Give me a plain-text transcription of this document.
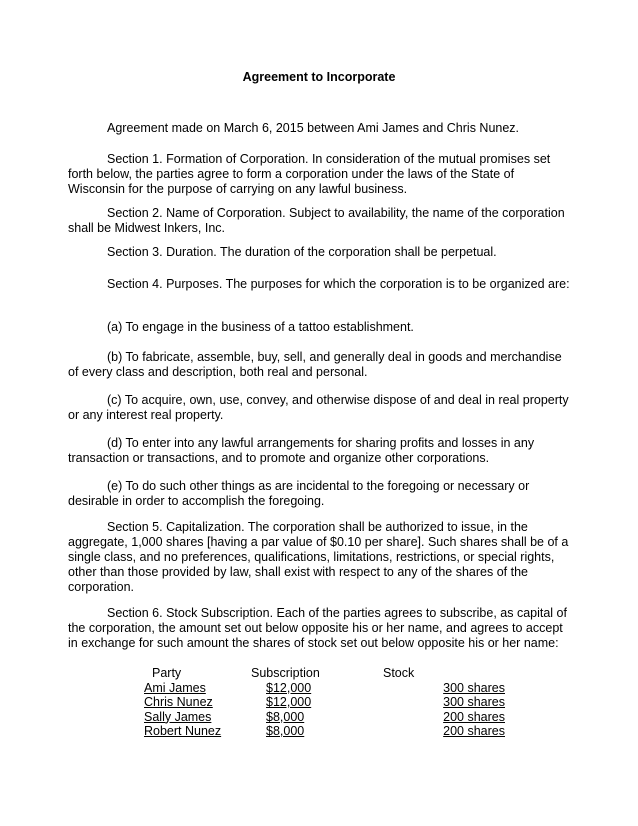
Agreement to Incorporate

Agreement made on March 6, 2015 between Ami James and Chris Nunez.

Section 1. Formation of Corporation. In consideration of the mutual promises set forth below, the parties agree to form a corporation under the laws of the State of Wisconsin for the purpose of carrying on any lawful business.

Section 2. Name of Corporation. Subject to availability, the name of the corporation shall be Midwest Inkers, Inc.

Section 3. Duration. The duration of the corporation shall be perpetual.

Section 4. Purposes. The purposes for which the corporation is to be organized are:

(a) To engage in the business of a tattoo establishment.

(b) To fabricate, assemble, buy, sell, and generally deal in goods and merchandise of every class and description, both real and personal.

(c) To acquire, own, use, convey, and otherwise dispose of and deal in real property or any interest real property.

(d) To enter into any lawful arrangements for sharing profits and losses in any transaction or transactions, and to promote and organize other corporations.

(e) To do such other things as are incidental to the foregoing or necessary or desirable in order to accomplish the foregoing.

Section 5. Capitalization. The corporation shall be authorized to issue, in the aggregate, 1,000 shares [having a par value of $0.10 per share]. Such shares shall be of a single class, and no preferences, qualifications, limitations, restrictions, or special rights, other than those provided by law, shall exist with respect to any of the shares of the corporation.

Section 6. Stock Subscription. Each of the parties agrees to subscribe, as capital of the corporation, the amount set out below opposite his or her name, and agrees to accept in exchange for such amount the shares of stock set out below opposite his or her name:

Party	Subscription	Stock
Ami James	$12,000	300 shares
Chris Nunez	$12,000	300 shares
Sally James	$8,000	200 shares
Robert Nunez	$8,000	200 shares
